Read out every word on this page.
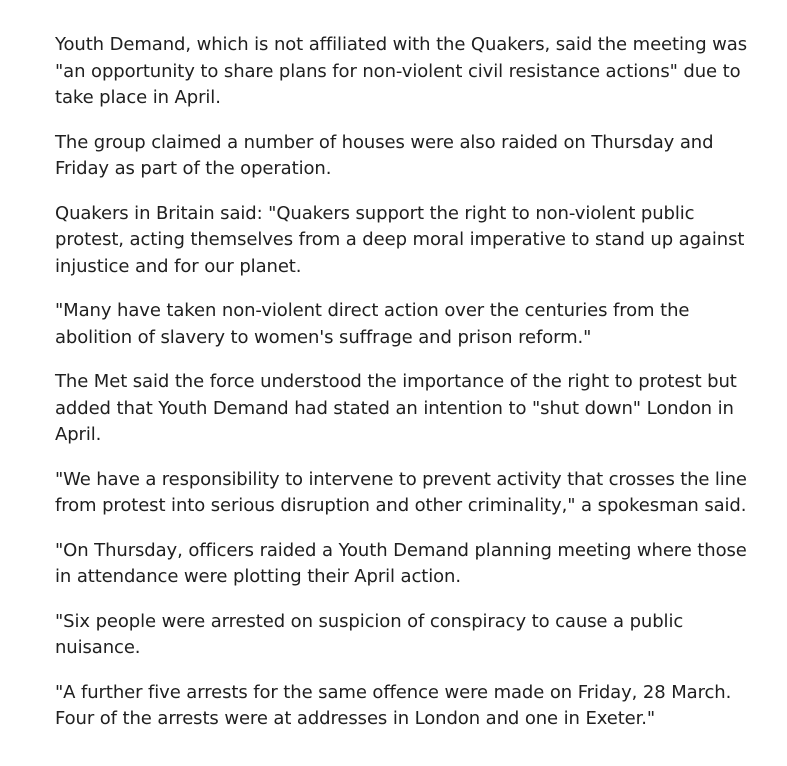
Youth Demand, which is not affiliated with the Quakers, said the meeting was
"an opportunity to share plans for non-violent civil resistance actions" due to
take place in April.

The group claimed a number of houses were also raided on Thursday and
Friday as part of the operation.

Quakers in Britain said: "Quakers support the right to non-violent public
protest, acting themselves from a deep moral imperative to stand up against
injustice and for our planet.

"Many have taken non-violent direct action over the centuries from the
abolition of slavery to women's suffrage and prison reform."

The Met said the force understood the importance of the right to protest but
added that Youth Demand had stated an intention to "shut down" London in
April.

"We have a responsibility to intervene to prevent activity that crosses the line
from protest into serious disruption and other criminality," a spokesman said.

"On Thursday, officers raided a Youth Demand planning meeting where those
in attendance were plotting their April action.

"Six people were arrested on suspicion of conspiracy to cause a public
nuisance.

"A further five arrests for the same offence were made on Friday, 28 March.
Four of the arrests were at addresses in London and one in Exeter."
